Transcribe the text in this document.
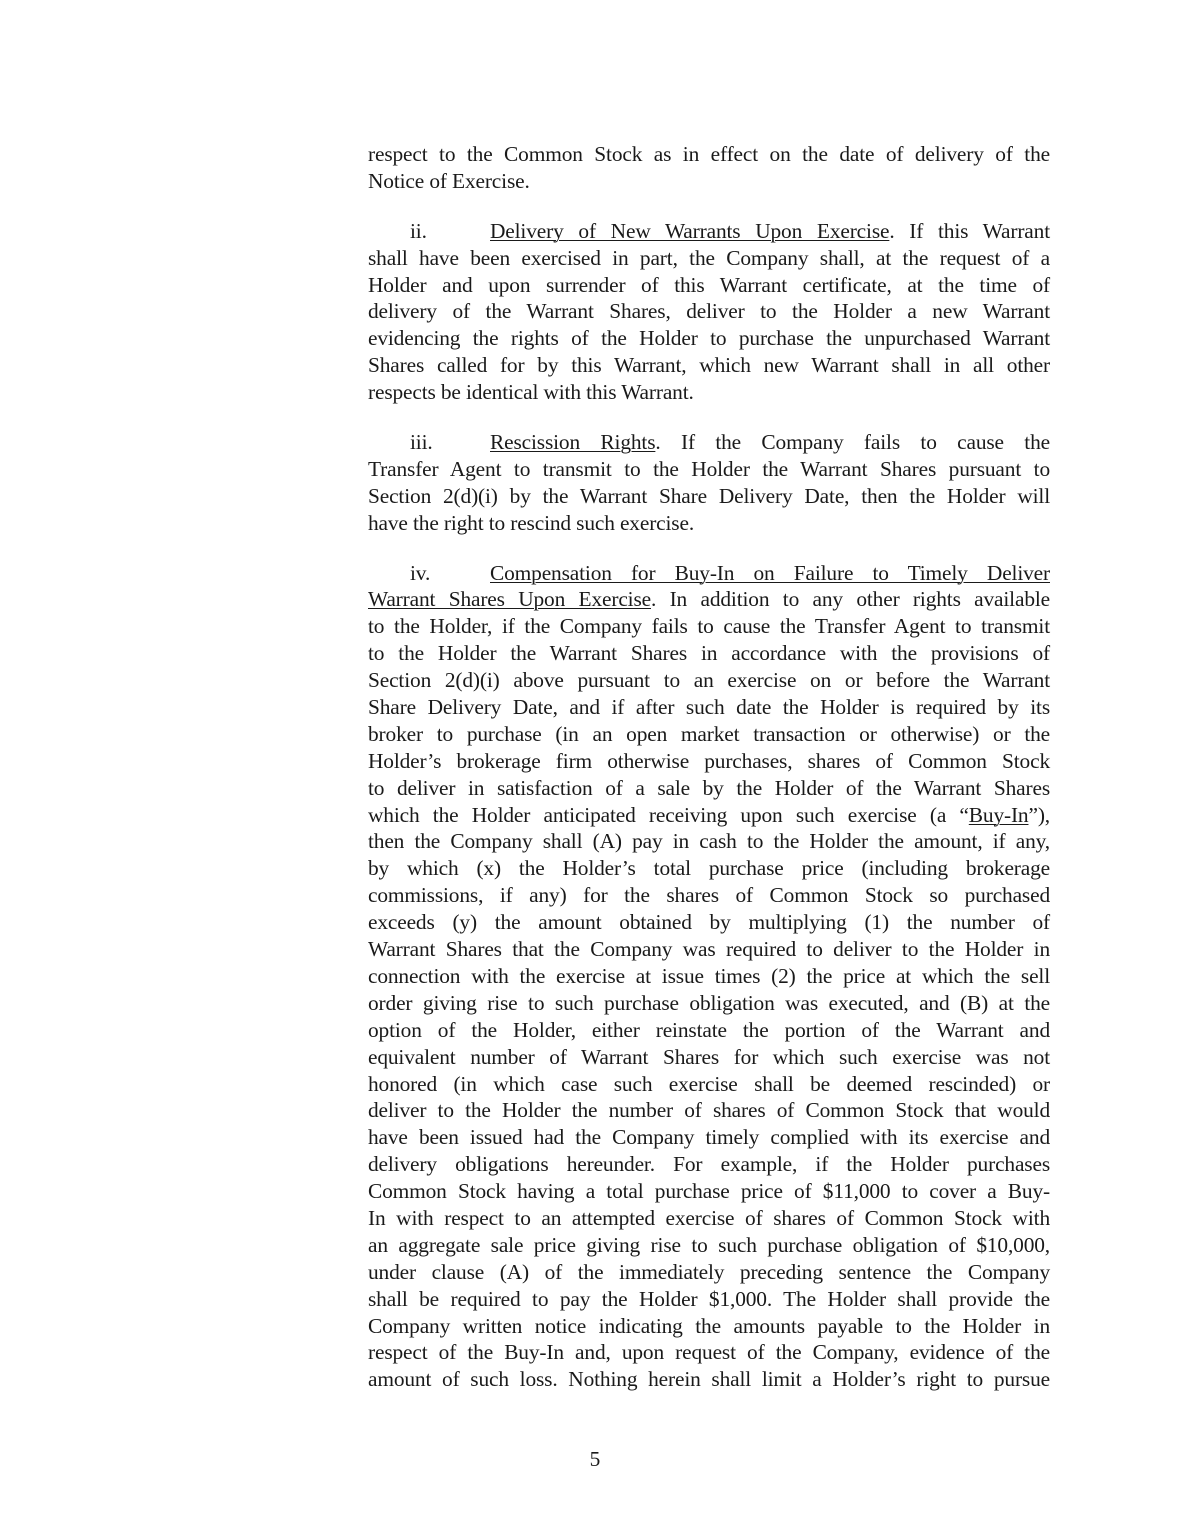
respect to the Common Stock as in effect on the date of delivery of the
Notice of Exercise.
ii.	Delivery of New Warrants Upon Exercise. If this Warrant
shall have been exercised in part, the Company shall, at the request of a
Holder and upon surrender of this Warrant certificate, at the time of
delivery of the Warrant Shares, deliver to the Holder a new Warrant
evidencing the rights of the Holder to purchase the unpurchased Warrant
Shares called for by this Warrant, which new Warrant shall in all other
respects be identical with this Warrant.
iii.	Rescission Rights. If the Company fails to cause the
Transfer Agent to transmit to the Holder the Warrant Shares pursuant to
Section 2(d)(i) by the Warrant Share Delivery Date, then the Holder will
have the right to rescind such exercise.
iv.	Compensation for Buy-In on Failure to Timely Deliver
Warrant Shares Upon Exercise. In addition to any other rights available
to the Holder, if the Company fails to cause the Transfer Agent to transmit
to the Holder the Warrant Shares in accordance with the provisions of
Section 2(d)(i) above pursuant to an exercise on or before the Warrant
Share Delivery Date, and if after such date the Holder is required by its
broker to purchase (in an open market transaction or otherwise) or the
Holder’s brokerage firm otherwise purchases, shares of Common Stock
to deliver in satisfaction of a sale by the Holder of the Warrant Shares
which the Holder anticipated receiving upon such exercise (a “Buy-In”),
then the Company shall (A) pay in cash to the Holder the amount, if any,
by which (x) the Holder’s total purchase price (including brokerage
commissions, if any) for the shares of Common Stock so purchased
exceeds (y) the amount obtained by multiplying (1) the number of
Warrant Shares that the Company was required to deliver to the Holder in
connection with the exercise at issue times (2) the price at which the sell
order giving rise to such purchase obligation was executed, and (B) at the
option of the Holder, either reinstate the portion of the Warrant and
equivalent number of Warrant Shares for which such exercise was not
honored (in which case such exercise shall be deemed rescinded) or
deliver to the Holder the number of shares of Common Stock that would
have been issued had the Company timely complied with its exercise and
delivery obligations hereunder. For example, if the Holder purchases
Common Stock having a total purchase price of $11,000 to cover a Buy-
In with respect to an attempted exercise of shares of Common Stock with
an aggregate sale price giving rise to such purchase obligation of $10,000,
under clause (A) of the immediately preceding sentence the Company
shall be required to pay the Holder $1,000. The Holder shall provide the
Company written notice indicating the amounts payable to the Holder in
respect of the Buy-In and, upon request of the Company, evidence of the
amount of such loss. Nothing herein shall limit a Holder’s right to pursue
5
